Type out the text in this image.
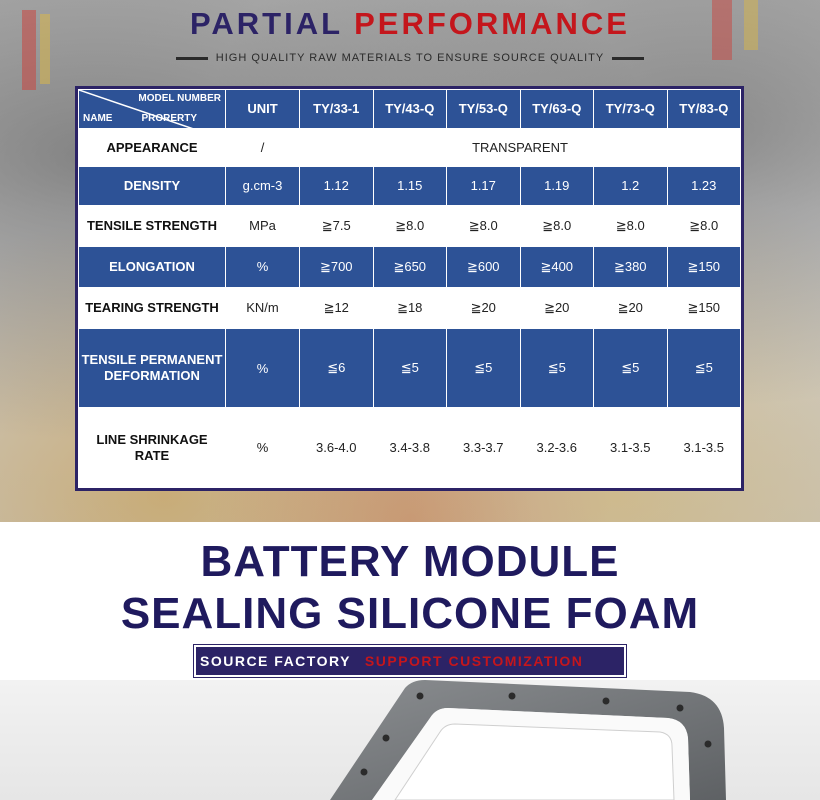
PARTIAL PERFORMANCE
HIGH QUALITY RAW MATERIALS TO ENSURE SOURCE QUALITY
MODEL NUMBER
PRORERTY
NAME	UNIT	TY/33-1	TY/43-Q	TY/53-Q	TY/63-Q	TY/73-Q	TY/83-Q
APPEARANCE	/	TRANSPARENT					
DENSITY	g.cm-3	1.12	1.15	1.17	1.19	1.2	1.23
TENSILE STRENGTH	MPa	≧7.5	≧8.0	≧8.0	≧8.0	≧8.0	≧8.0
ELONGATION	%	≧700	≧650	≧600	≧400	≧380	≧150
TEARING STRENGTH	KN/m	≧12	≧18	≧20	≧20	≧20	≧150
TENSILE PERMANENT
DEFORMATION	%	≦6	≦5	≦5	≦5	≦5	≦5
LINE SHRINKAGE
RATE	%	3.6-4.0	3.4-3.8	3.3-3.7	3.2-3.6	3.1-3.5	3.1-3.5
BATTERY MODULE
SEALING SILICONE FOAM
SOURCE FACTORY SUPPORT CUSTOMIZATION
